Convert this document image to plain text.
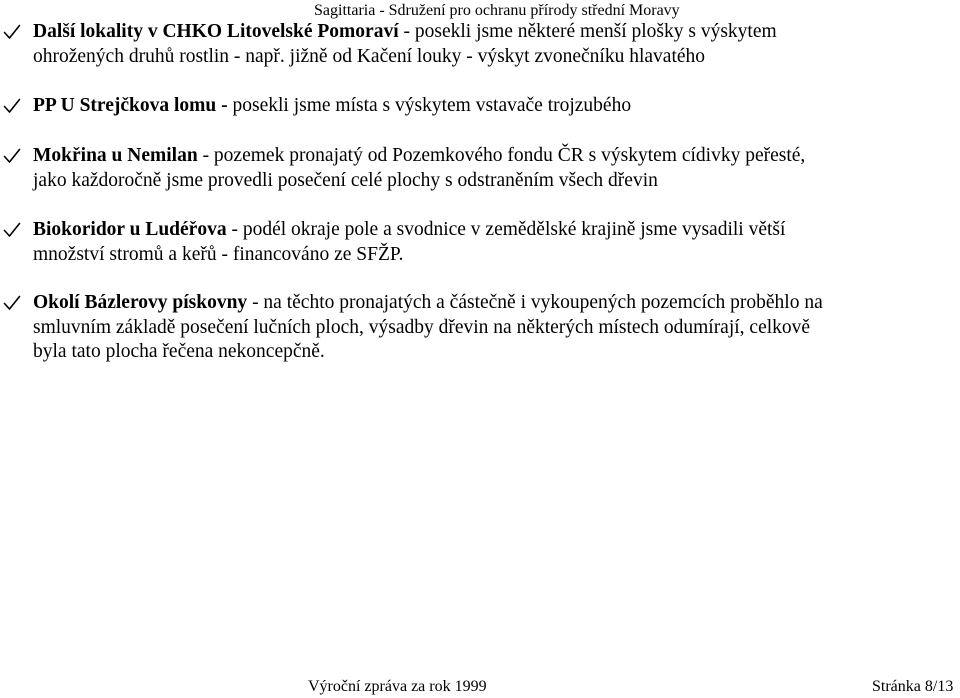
Sagittaria - Sdružení pro ochranu přírody střední Moravy
Další lokality v CHKO Litovelské Pomoraví - posekli jsme některé menší plošky s výskytem
ohrožených druhů rostlin - např. jižně od Kačení louky - výskyt zvonečníku hlavatého
PP U Strejčkova lomu - posekli jsme místa s výskytem vstavače trojzubého
Mokřina u Nemilan - pozemek pronajatý od Pozemkového fondu ČR s výskytem cídivky peřesté,
jako každoročně jsme provedli posečení celé plochy s odstraněním všech dřevin
Biokoridor u Ludéřova - podél okraje pole a svodnice v zemědělské krajině jsme vysadili větší
množství stromů a keřů - financováno ze SFŽP.
Okolí Bázlerovy pískovny - na těchto pronajatých a částečně i vykoupených pozemcích proběhlo na
smluvním základě posečení lučních ploch, výsadby dřevin na některých místech odumírají, celkově
byla tato plocha řečena nekoncepčně.
Výroční zpráva za rok 1999	Stránka 8/13
